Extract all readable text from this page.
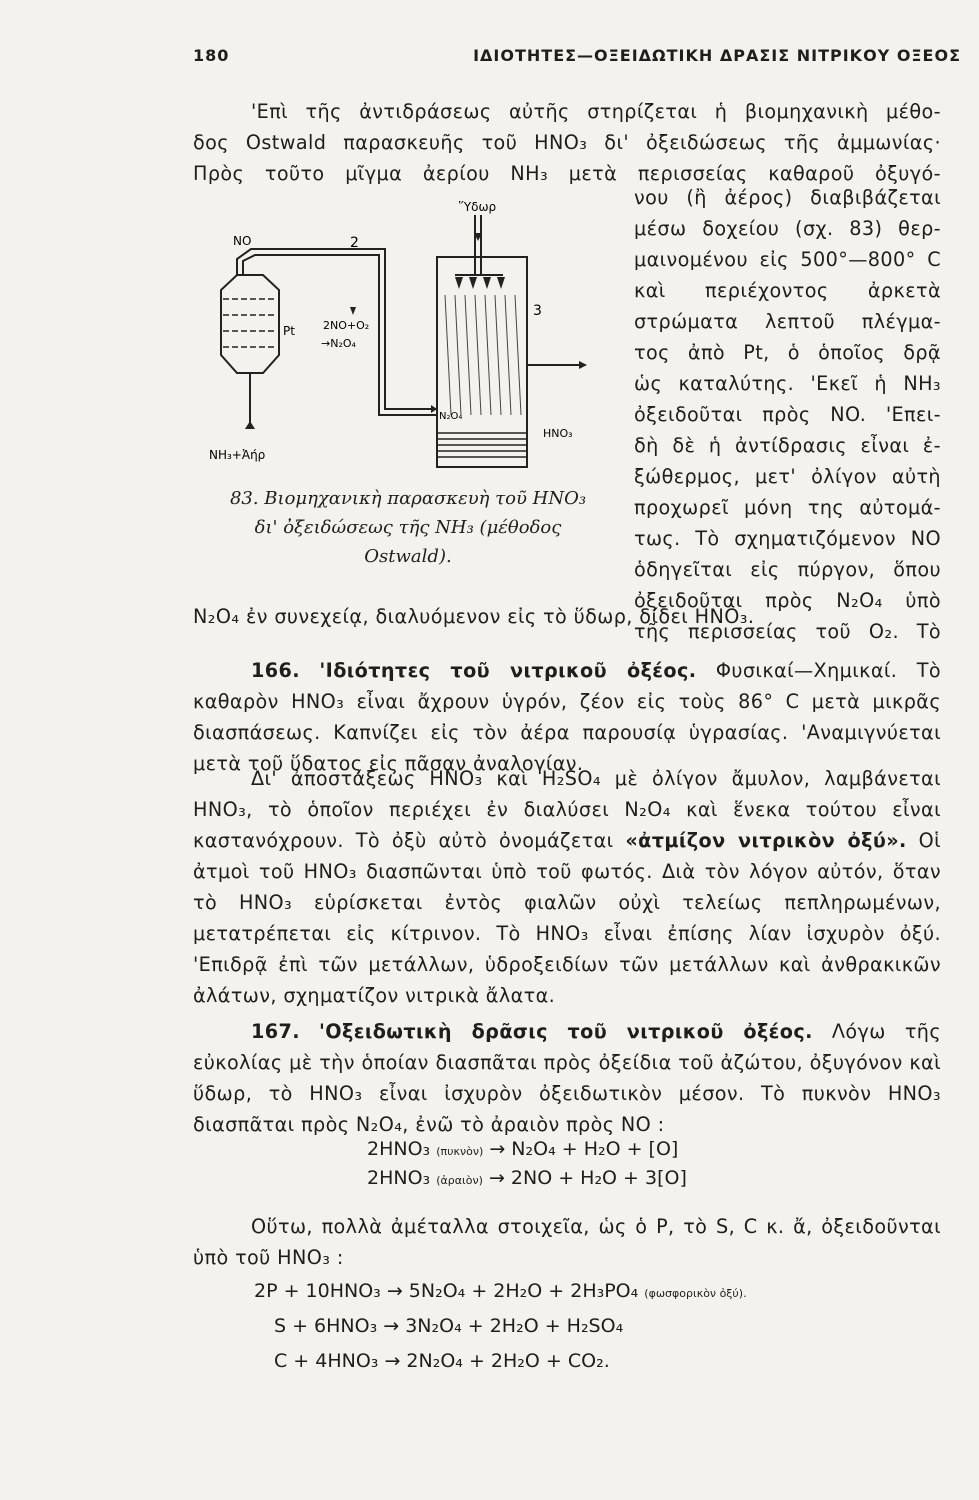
180	ΙΔΙΟΤΗΤΕΣ—ΟΞΕΙΔΩΤΙΚΗ ΔΡΑΣΙΣ ΝΙΤΡΙΚΟΥ ΟΞΕΟΣ
'Επὶ τῆς ἀντιδράσεως αὐτῆς στηρίζεται ἡ βιομηχανικὴ μέθο-
δος Ostwald παρασκευῆς τοῦ HNO₃ δι' ὀξειδώσεως τῆς ἀμμωνίας·
Πρὸς τοῦτο μῖγμα ἀερίου NH₃ μετὰ περισσείας καθαροῦ ὀξυγό-
νου (ἢ ἀέρος) διαβιβάζεται
μέσω δοχείου (σχ. 83) θερ-
μαινομένου εἰς 500°—800° C
καὶ περιέχοντος ἀρκετὰ
στρώματα λεπτοῦ πλέγμα-
τος ἀπὸ Pt, ὁ ὁποῖος δρᾷ
ὡς καταλύτης. 'Εκεῖ ἡ NH₃
ὀξειδοῦται πρὸς NO. 'Επει-
δὴ δὲ ἡ ἀντίδρασις εἶναι ἐ-
ξώθερμος, μετ' ὀλίγον αὐτὴ
προχωρεῖ μόνη της αὐτομά-
τως. Τὸ σχηματιζόμενον NO
ὁδηγεῖται εἰς πύργον, ὅπου
ὀξειδοῦται πρὸς N₂O₄ ὑπὸ
τῆς περισσείας τοῦ O₂. Τὸ
NO	2
Ὕδωρ
Pt	2NO+O₂
→N₂O₄
3
N₂O₄
HNO₃
NH₃+Ἀήρ
83. Βιομηχανικὴ παρασκευὴ τοῦ HNO₃
δι' ὀξειδώσεως τῆς NH₃ (μέθοδος
Ostwald).
N₂O₄ ἐν συνεχείᾳ, διαλυόμενον εἰς τὸ ὕδωρ, δίδει HNO₃.
166. 'Ιδιότητες τοῦ νιτρικοῦ ὀξέος. Φυσικαί—Χημικαί. Τὸ καθαρὸν HNO₃ εἶναι ἄχρουν ὑγρόν, ζέον εἰς τοὺς 86° C μετὰ μικρᾶς διασπάσεως. Καπνίζει εἰς τὸν ἀέρα παρουσίᾳ ὑγρασίας. 'Αναμιγνύεται μετὰ τοῦ ὕδατος εἰς πᾶσαν ἀναλογίαν.
Δι' ἀποστάξεως HNO₃ καὶ H₂SO₄ μὲ ὀλίγον ἄμυλον, λαμβάνεται HNO₃, τὸ ὁποῖον περιέχει ἐν διαλύσει N₂O₄ καὶ ἕνεκα τούτου εἶναι καστανόχρουν. Τὸ ὀξὺ αὐτὸ ὀνομάζεται «ἀτμίζον νιτρικὸν ὀξύ». Οἱ ἀτμοὶ τοῦ HNO₃ διασπῶνται ὑπὸ τοῦ φωτός. Διὰ τὸν λόγον αὐτόν, ὅταν τὸ HNO₃ εὑρίσκεται ἐντὸς φιαλῶν οὐχὶ τελείως πεπληρωμένων, μετατρέπεται εἰς κίτρινον. Τὸ HNO₃ εἶναι ἐπίσης λίαν ἰσχυρὸν ὀξύ. 'Επιδρᾷ ἐπὶ τῶν μετάλλων, ὑδροξειδίων τῶν μετάλλων καὶ ἀνθρακικῶν ἀλάτων, σχηματίζον νιτρικὰ ἄλατα.
167. 'Οξειδωτικὴ δρᾶσις τοῦ νιτρικοῦ ὀξέος. Λόγω τῆς εὐκολίας μὲ τὴν ὁποίαν διασπᾶται πρὸς ὀξείδια τοῦ ἀζώτου, ὀξυγόνον καὶ ὕδωρ, τὸ HNO₃ εἶναι ἰσχυρὸν ὀξειδωτικὸν μέσον. Τὸ πυκνὸν HNO₃ διασπᾶται πρὸς N₂O₄, ἐνῶ τὸ ἀραιὸν πρὸς NO :
2HNO₃ (πυκνὸν) → N₂O₄ + H₂O + [O]
2HNO₃ (ἀραιὸν) → 2NO + H₂O + 3[O]
Οὕτω, πολλὰ ἀμέταλλα στοιχεῖα, ὡς ὁ P, τὸ S, C κ. ἄ, ὀξειδοῦνται ὑπὸ τοῦ HNO₃ :
2P + 10HNO₃ → 5N₂O₄ + 2H₂O + 2H₃PO₄ (φωσφορικὸν ὀξύ).
S + 6HNO₃ → 3N₂O₄ + 2H₂O + H₂SO₄
C + 4HNO₃ → 2N₂O₄ + 2H₂O + CO₂.
